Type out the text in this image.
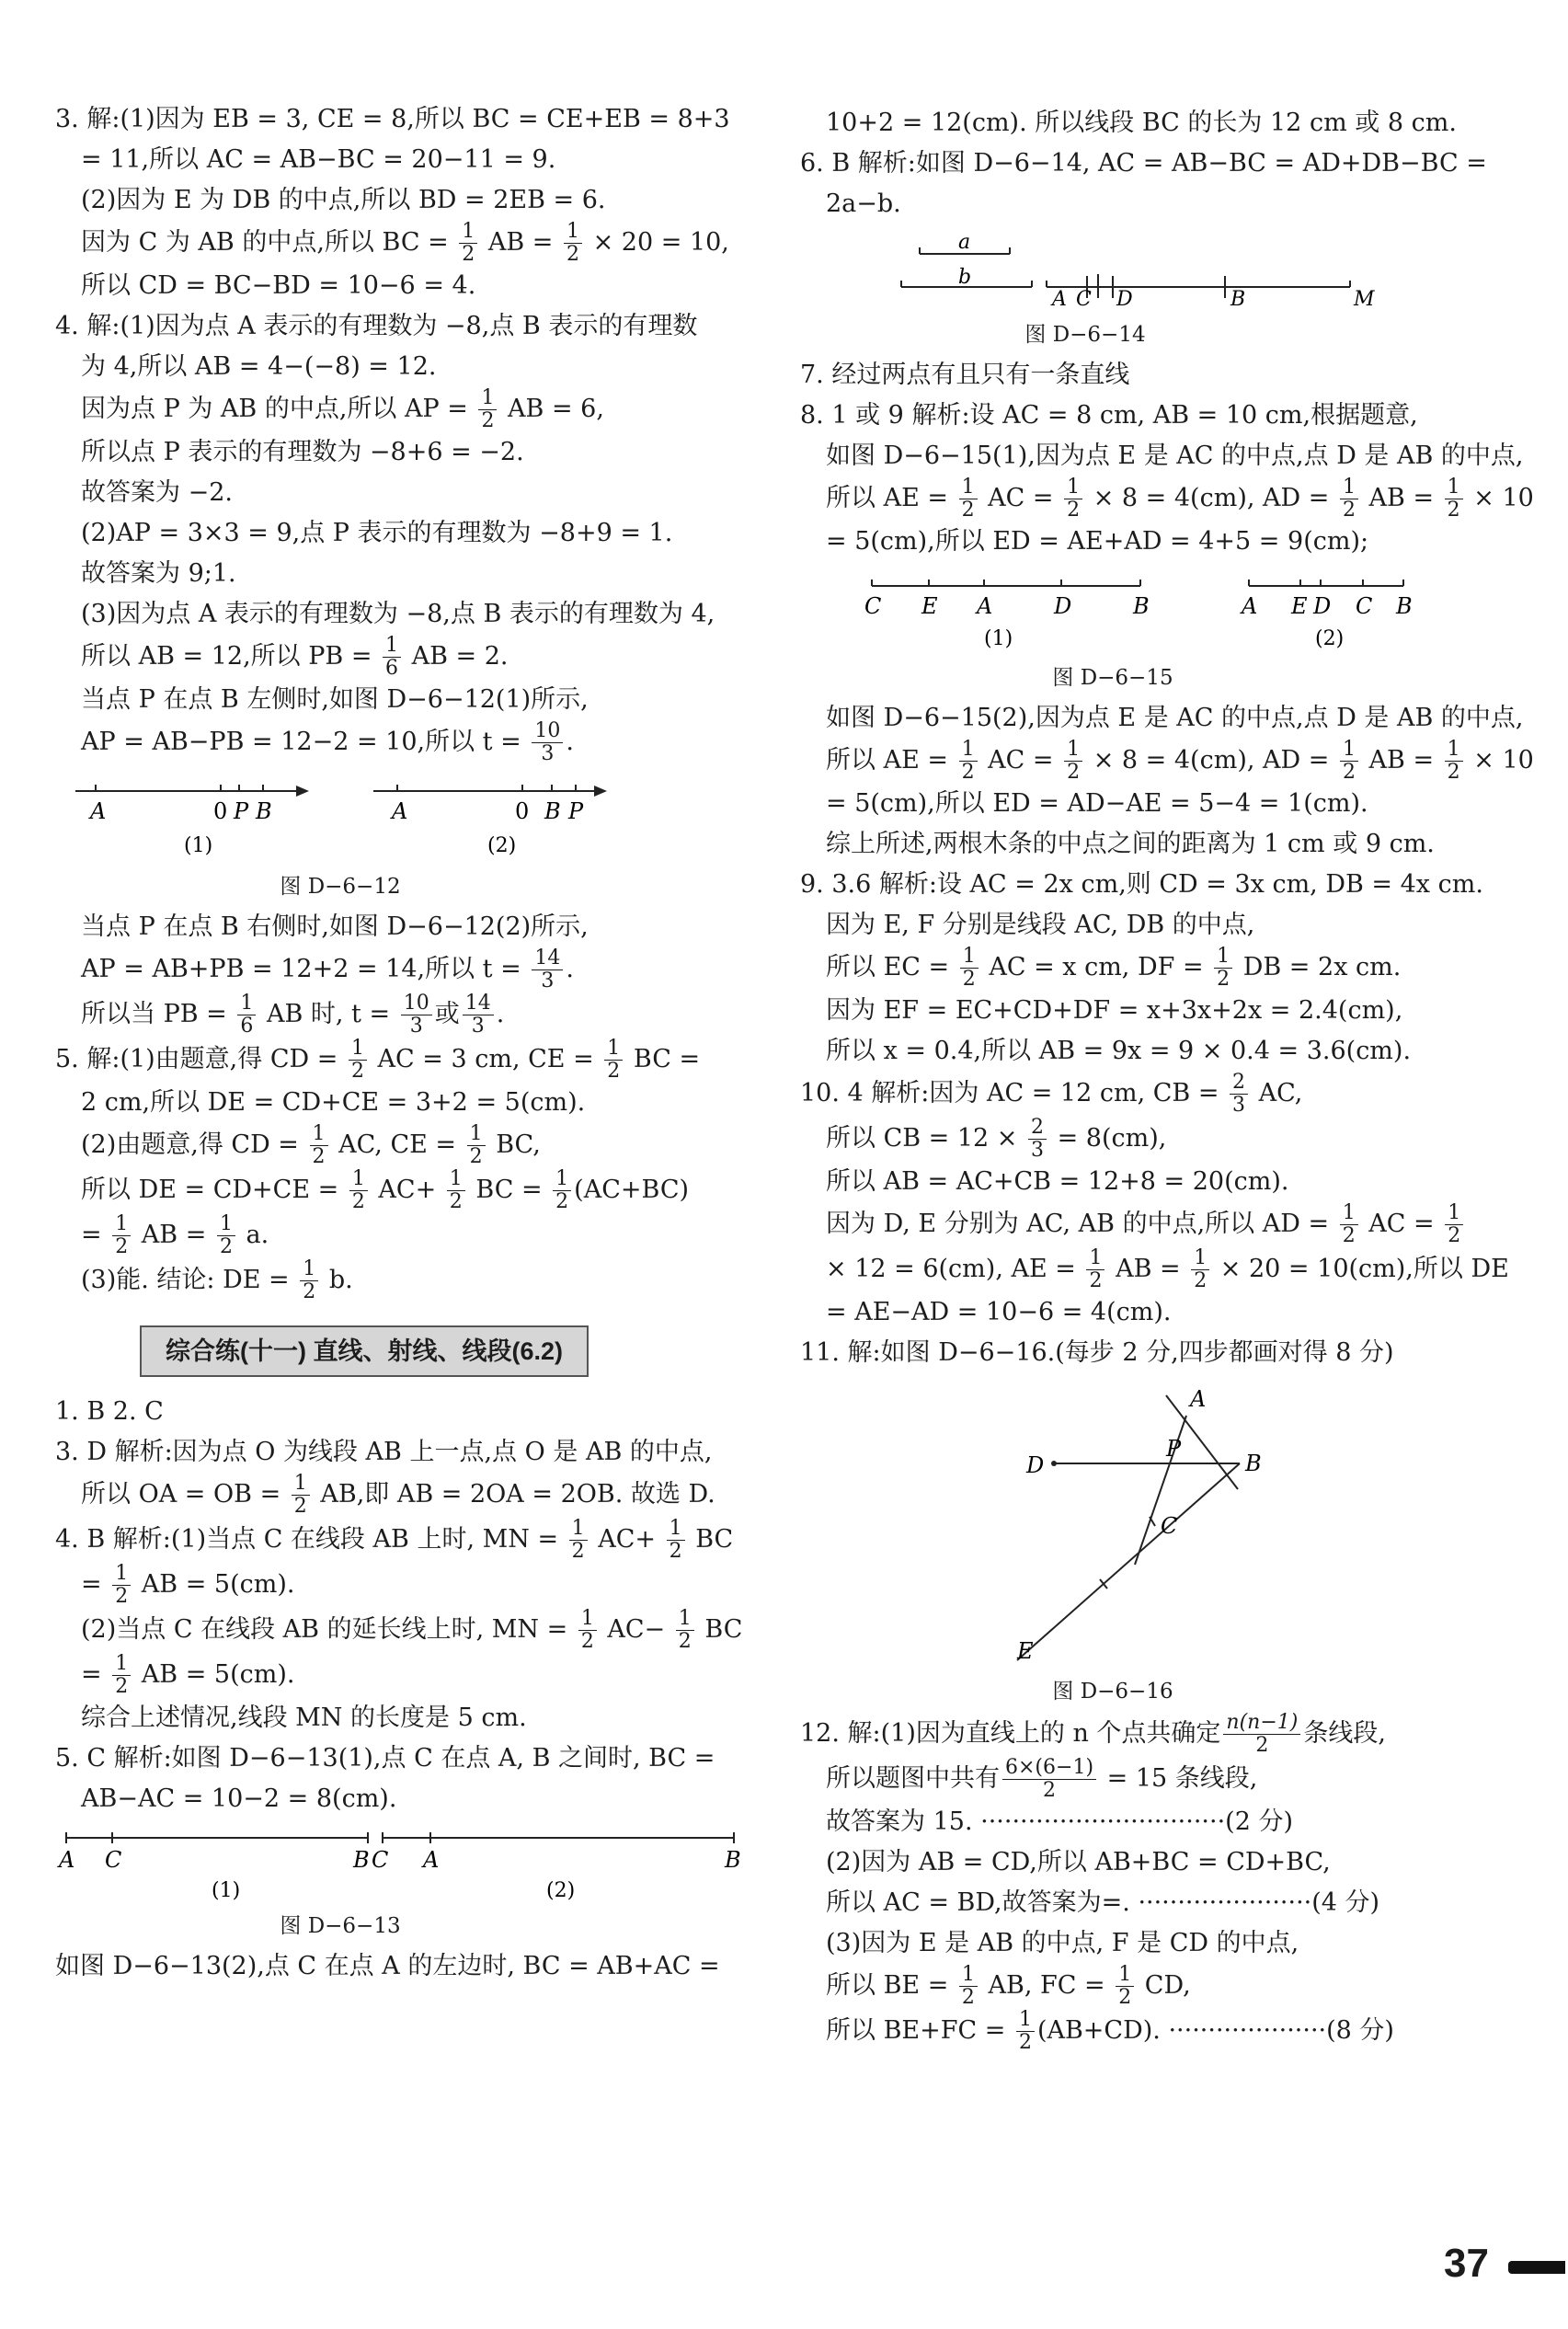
3. 解:(1)因为 EB = 3, CE = 8,所以 BC = CE+EB = 8+3
= 11,所以 AC = AB−BC = 20−11 = 9.
(2)因为 E 为 DB 的中点,所以 BD = 2EB = 6.
因为 C 为 AB 的中点,所以 BC = $\frac{1}{2}$ AB = $\frac{1}{2} \times 20 = 10$,
所以 CD = BC−BD = 10−6 = 4.
4. 解:(1)因为点 A 表示的有理数为 −8,点 B 表示的有理数
为 4,所以 AB = 4−(−8) = 12.
因为点 P 为 AB 的中点,所以 AP = $\frac{1}{2}$ AB = 6,
所以点 P 表示的有理数为 −8+6 = −2.
故答案为 −2.
(2)AP = 3×3 = 9,点 P 表示的有理数为 −8+9 = 1.
故答案为 9;1.
(3)因为点 A 表示的有理数为 −8,点 B 表示的有理数为 4,
所以 AB = 12,所以 PB = $\frac{1}{6}$ AB = 2.
当点 P 在点 B 左侧时,如图 D−6−12(1)所示,
AP = AB−PB = 12−2 = 10,所以 $t = \frac{10}{3}$ .
A	0 P B
(1)
A	0 B P
(2)
图 D−6−12
当点 P 在点 B 右侧时,如图 D−6−12(2)所示,
AP = AB+PB = 12+2 = 14,所以 $t = \frac{14}{3}$ .
所以当 PB = $\frac{1}{6}$ AB 时, $t = \frac{10}{3}$ 或 $\frac{14}{3}$ .
5. 解:(1)由题意,得 CD = $\frac{1}{2}$ AC = 3 cm, CE = $\frac{1}{2}$ BC =
2 cm,所以 DE = CD+CE = 3+2 = 5(cm).
(2)由题意,得 CD = $\frac{1}{2}$ AC, CE = $\frac{1}{2}$ BC,
所以 DE = $CD+CE = \frac{1}{2} AC+ \frac{1}{2}$ BC = $\frac{1}{2} (AC+BC)$
= $\frac{1}{2}$ AB = $\frac{1}{2} a$.
(3)能. 结论: DE = $\frac{1}{2} b$.
综合练(十一) 直线、射线、线段(6.2)
1. B 2. C
3. D 解析:因为点 O 为线段 AB 上一点,点 O 是 AB 的中点,
所以 OA = OB = $\frac{1}{2}$ AB,即 AB = 2OA = 2OB. 故选 D.
4. B 解析:(1)当点 C 在线段 AB 上时, MN = $\frac{1}{2} AC+ \frac{1}{2}$ BC
= $\frac{1}{2}$ AB = 5(cm).
(2)当点 C 在线段 AB 的延长线上时, MN = $\frac{1}{2} AC- \frac{1}{2}$ BC
= $\frac{1}{2}$ AB = 5(cm).
综合上述情况,线段 MN 的长度是 5 cm.
5. C 解析:如图 D−6−13(1),点 C 在点 A, B 之间时, BC =
AB−AC = 10−2 = 8(cm).
A C	B
(1)
C A	B
(2)
图 D−6−13
如图 D−6−13(2),点 C 在点 A 的左边时, BC = AB+AC =
10+2 = 12(cm). 所以线段 BC 的长为 12 cm 或 8 cm.
6. B 解析:如图 D−6−14, AC = AB−BC = AD+DB−BC =
2a−b.
a
b
A C D	B	M
图 D−6−14
7. 经过两点有且只有一条直线
8. 1 或 9 解析:设 AC = 8 cm, AB = 10 cm,根据题意,
如图 D−6−15(1),因为点 E 是 AC 的中点,点 D 是 AB 的中点,
所以 AE = $\frac{1}{2}$ AC = $\frac{1}{2} \times 8 = 4(cm)$, AD = $\frac{1}{2}$ AB = $\frac{1}{2} \times 10$
= 5(cm),所以 ED = AE+AD = 4+5 = 9(cm);
C E A	D	B
(1)
A E D C B
(2)
图 D−6−15
如图 D−6−15(2),因为点 E 是 AC 的中点,点 D 是 AB 的中点,
所以 AE = $\frac{1}{2}$ AC = $\frac{1}{2} \times 8 = 4(cm)$, AD = $\frac{1}{2}$ AB = $\frac{1}{2} \times 10$
= 5(cm),所以 ED = AD−AE = 5−4 = 1(cm).
综上所述,两根木条的中点之间的距离为 1 cm 或 9 cm.
9. 3.6 解析:设 AC = 2x cm,则 CD = 3x cm, DB = 4x cm.
因为 E, F 分别是线段 AC, DB 的中点,
所以 EC = $\frac{1}{2}$ AC = x cm, DF = $\frac{1}{2}$ DB = 2x cm.
因为 EF = EC+CD+DF = x+3x+2x = 2.4(cm),
所以 x = 0.4,所以 AB = 9x = 9 × 0.4 = 3.6(cm).
10. 4 解析:因为 AC = 12 cm, CB = $\frac{2}{3}$ AC,
所以 CB = $12 \times \frac{2}{3} = 8(cm)$,
所以 AB = AC+CB = 12+8 = 20(cm).
因为 D, E 分别为 AC, AB 的中点,所以 AD = $\frac{1}{2}$ AC = $\frac{1}{2}$
× 12 = 6(cm), AE = $\frac{1}{2}$ AB = $\frac{1}{2} \times 20 = 10(cm)$,所以 DE
= AE−AD = 10−6 = 4(cm).
11. 解:如图 D−6−16.(每步 2 分,四步都画对得 8 分)
A
P
B
D
C
E
图 D−6−16
12. 解:(1)因为直线上的 n 个点共确定 $\frac{n(n-1)}{2}$ 条线段,
所以题图中共有 $\frac{6\times(6-1)}{2} = 15$ 条线段,
故答案为 15. ·······························(2 分)
(2)因为 AB = CD,所以 AB+BC = CD+BC,
所以 AC = BD,故答案为=. ······················(4 分)
(3)因为 E 是 AB 的中点, F 是 CD 的中点,
所以 BE = $\frac{1}{2}$ AB, FC = $\frac{1}{2}$ CD,
所以 $BE+FC = \frac{1}{2} (AB+CD)$. ····················(8 分)
37
